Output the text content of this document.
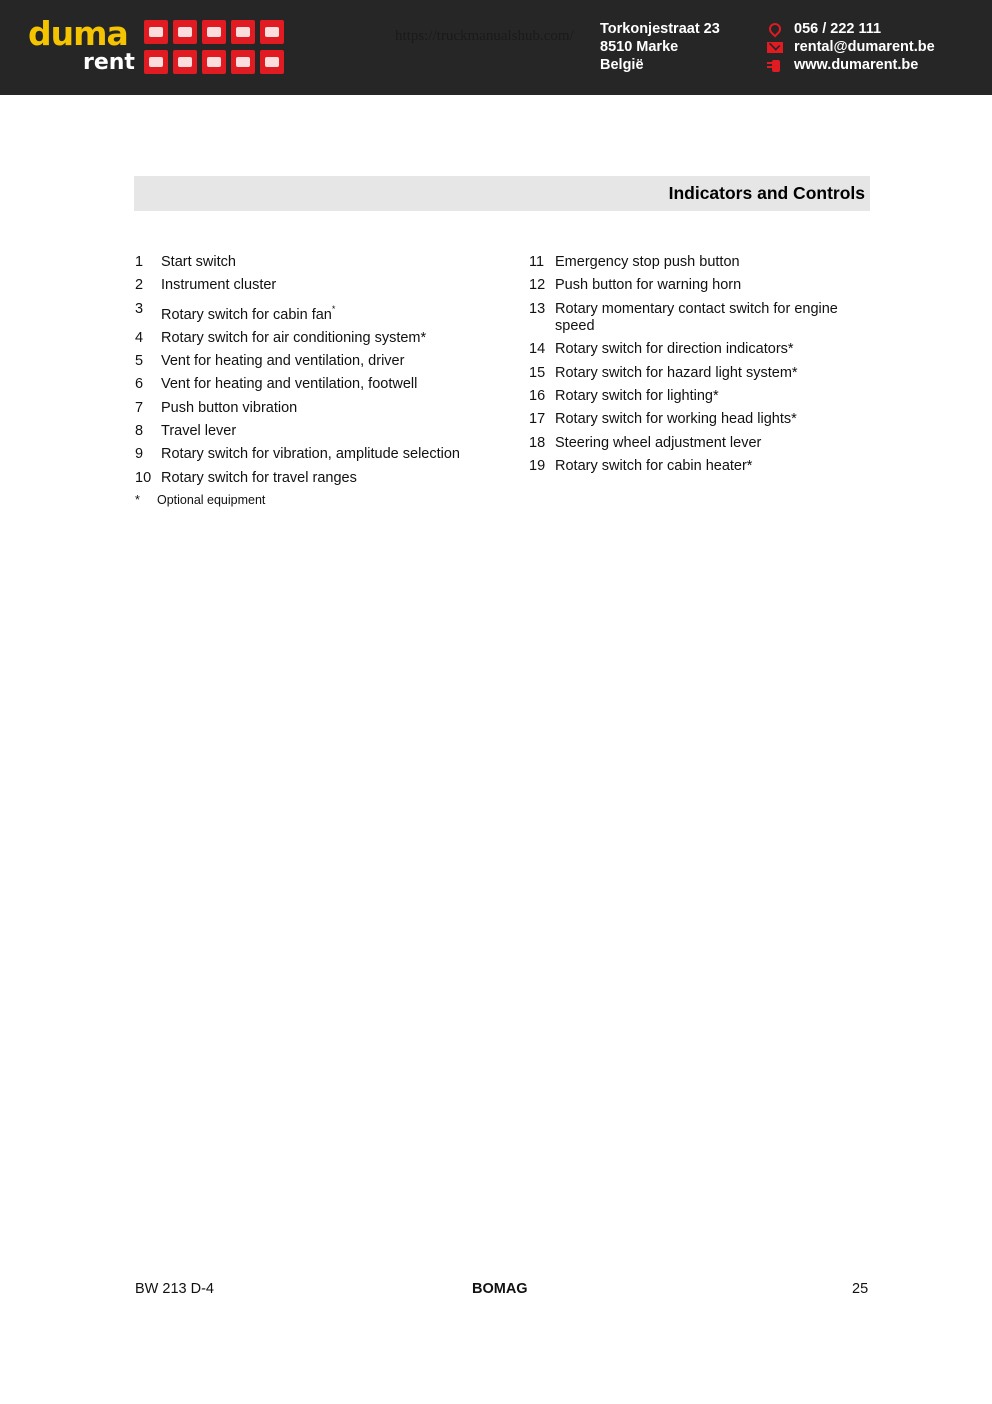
duma
rent
Torkonjestraat 23
8510 Marke
België
056 / 222 111
rental@dumarent.be
www.dumarent.be
https://truckmanualshub.com/
Indicators and Controls
1	Start switch
2	Instrument cluster
3	Rotary switch for cabin fan*
4	Rotary switch for air conditioning system*
5	Vent for heating and ventilation, driver
6	Vent for heating and ventilation, footwell
7	Push button vibration
8	Travel lever
9	Rotary switch for vibration, amplitude selection
10 Rotary switch for travel ranges
*	Optional equipment
11 Emergency stop push button
12 Push button for warning horn
13 Rotary momentary contact switch for engine speed
14 Rotary switch for direction indicators*
15 Rotary switch for hazard light system*
16 Rotary switch for lighting*
17 Rotary switch for working head lights*
18 Steering wheel adjustment lever
19 Rotary switch for cabin heater*
BW 213 D-4	BOMAG	25
